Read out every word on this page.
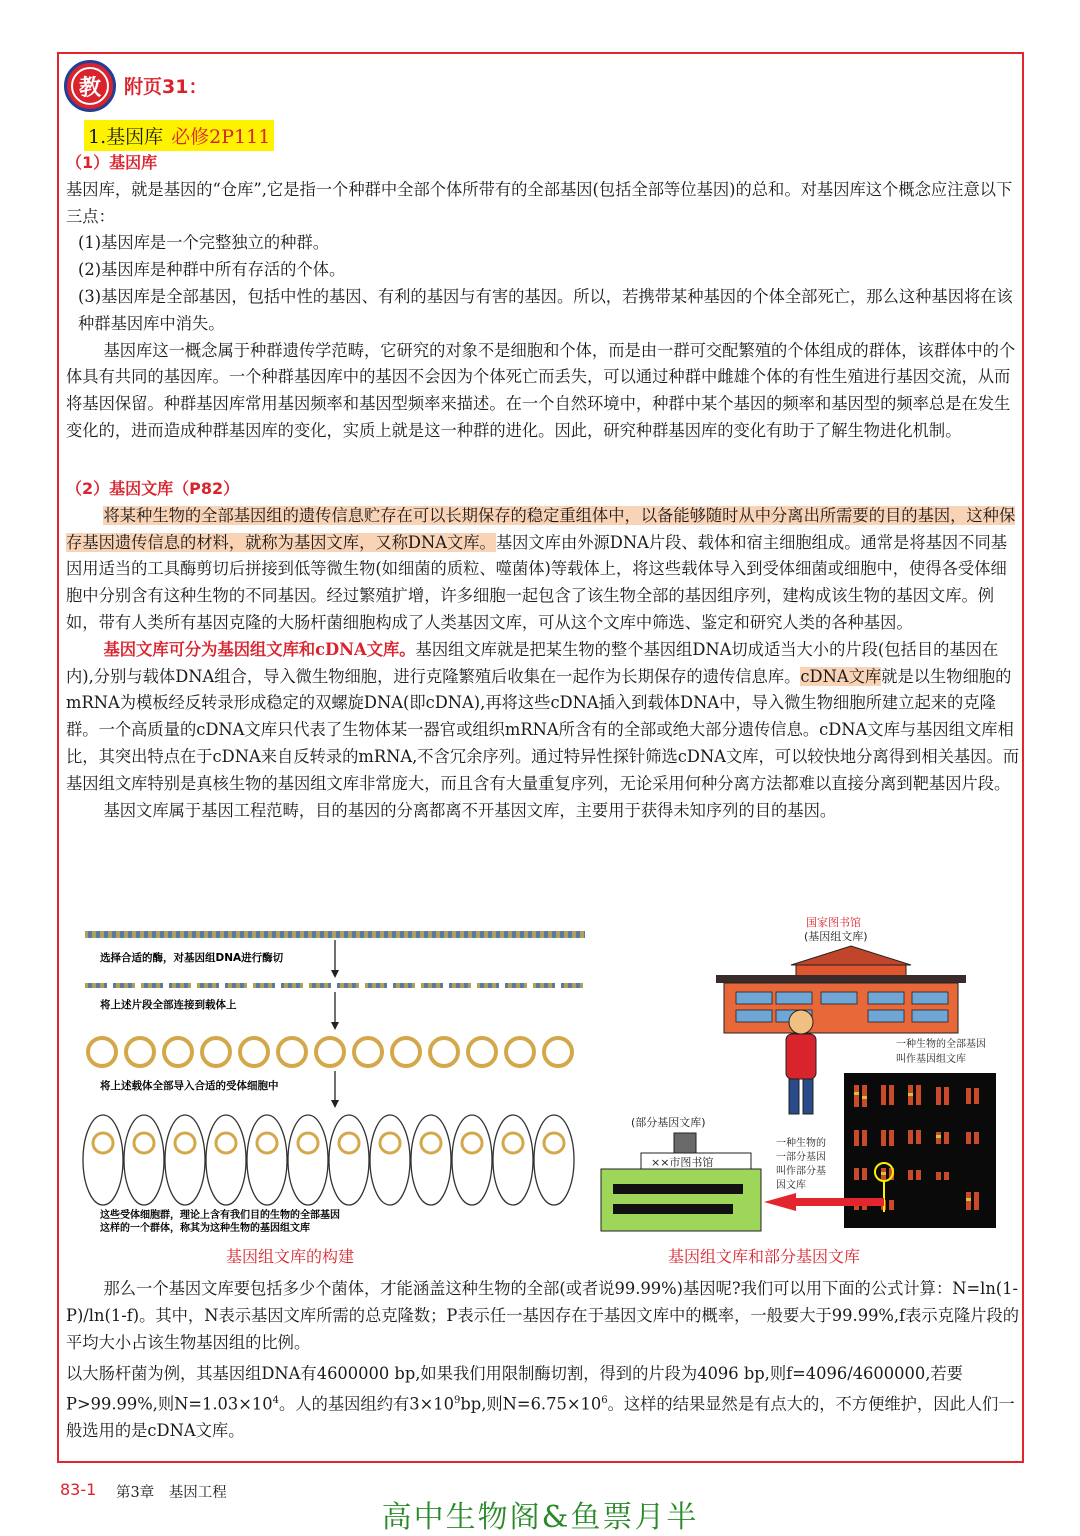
教	附页31：
1.基因库 必修2P111

（1）基因库

基因库，就是基因的“仓库”,它是指一个种群中全部个体所带有的全部基因(包括全部等位基因)的总和。对基因库这个概念应注意以下三点：

(1)基因库是一个完整独立的种群。

(2)基因库是种群中所有存活的个体。

(3)基因库是全部基因，包括中性的基因、有利的基因与有害的基因。所以，若携带某种基因的个体全部死亡，那么这种基因将在该种群基因库中消失。

基因库这一概念属于种群遗传学范畴，它研究的对象不是细胞和个体，而是由一群可交配繁殖的个体组成的群体，该群体中的个体具有共同的基因库。一个种群基因库中的基因不会因为个体死亡而丢失，可以通过种群中雌雄个体的有性生殖进行基因交流，从而将基因保留。种群基因库常用基因频率和基因型频率来描述。在一个自然环境中，种群中某个基因的频率和基因型的频率总是在发生变化的，进而造成种群基因库的变化，实质上就是这一种群的进化。因此，研究种群基因库的变化有助于了解生物进化机制。

（2）基因文库（P82）

将某种生物的全部基因组的遗传信息贮存在可以长期保存的稳定重组体中，以备能够随时从中分离出所需要的目的基因，这种保存基因遗传信息的材料，就称为基因文库，又称DNA文库。基因文库由外源DNA片段、载体和宿主细胞组成。通常是将基因不同基因用适当的工具酶剪切后拼接到低等微生物(如细菌的质粒、噬菌体)等载体上，将这些载体导入到受体细菌或细胞中，使得各受体细胞中分别含有这种生物的不同基因。经过繁殖扩增，许多细胞一起包含了该生物全部的基因组序列，建构成该生物的基因文库。例如，带有人类所有基因克隆的大肠杆菌细胞构成了人类基因文库，可从这个文库中筛选、鉴定和研究人类的各种基因。

基因文库可分为基因组文库和cDNA文库。基因组文库就是把某生物的整个基因组DNA切成适当大小的片段(包括目的基因在内),分别与载体DNA组合，导入微生物细胞，进行克隆繁殖后收集在一起作为长期保存的遗传信息库。cDNA文库就是以生物细胞的mRNA为模板经反转录形成稳定的双螺旋DNA(即cDNA),再将这些cDNA插入到载体DNA中，导入微生物细胞所建立起来的克隆群。一个高质量的cDNA文库只代表了生物体某一器官或组织mRNA所含有的全部或绝大部分遗传信息。cDNA文库与基因组文库相比，其突出特点在于cDNA来自反转录的mRNA,不含冗余序列。通过特异性探针筛选cDNA文库，可以较快地分离得到相关基因。而基因组文库特别是真核生物的基因组文库非常庞大，而且含有大量重复序列，无论采用何种分离方法都难以直接分离到靶基因片段。

基因文库属于基因工程范畴，目的基因的分离都离不开基因文库，主要用于获得未知序列的目的基因。

选择合适的酶，对基因组DNA进行酶切
将上述片段全部连接到载体上
将上述载体全部导入合适的受体细胞中
这些受体细胞群，理论上含有我们目的生物的全部基因
这样的一个群体，称其为这种生物的基因组文库
基因组文库的构建
国家图书馆
(基因组文库)
一种生物的全部基因
叫作基因组文库
(部分基因文库)
××市图书馆
一种生物的
一部分基因
叫作部分基
因文库
基因组文库和部分基因文库

那么一个基因文库要包括多少个菌体，才能涵盖这种生物的全部(或者说99.99%)基因呢?我们可以用下面的公式计算：N=ln(1-P)/ln(1-f)。其中，N表示基因文库所需的总克隆数；P表示任一基因存在于基因文库中的概率，一般要大于99.99%,f表示克隆片段的平均大小占该生物基因组的比例。

以大肠杆菌为例，其基因组DNA有4600000 bp,如果我们用限制酶切割，得到的片段为4096 bp,则f=4096/4600000,若要P>99.99%,则$N=1.03\times 10^4$。人的基因组约有$3\times 10^9bp$,则$N=6.75\times 10^6$。这样的结果显然是有点大的，不方便维护，因此人们一般选用的是cDNA文库。

83-1 第3章　基因工程
高中生物阁&鱼票月半
